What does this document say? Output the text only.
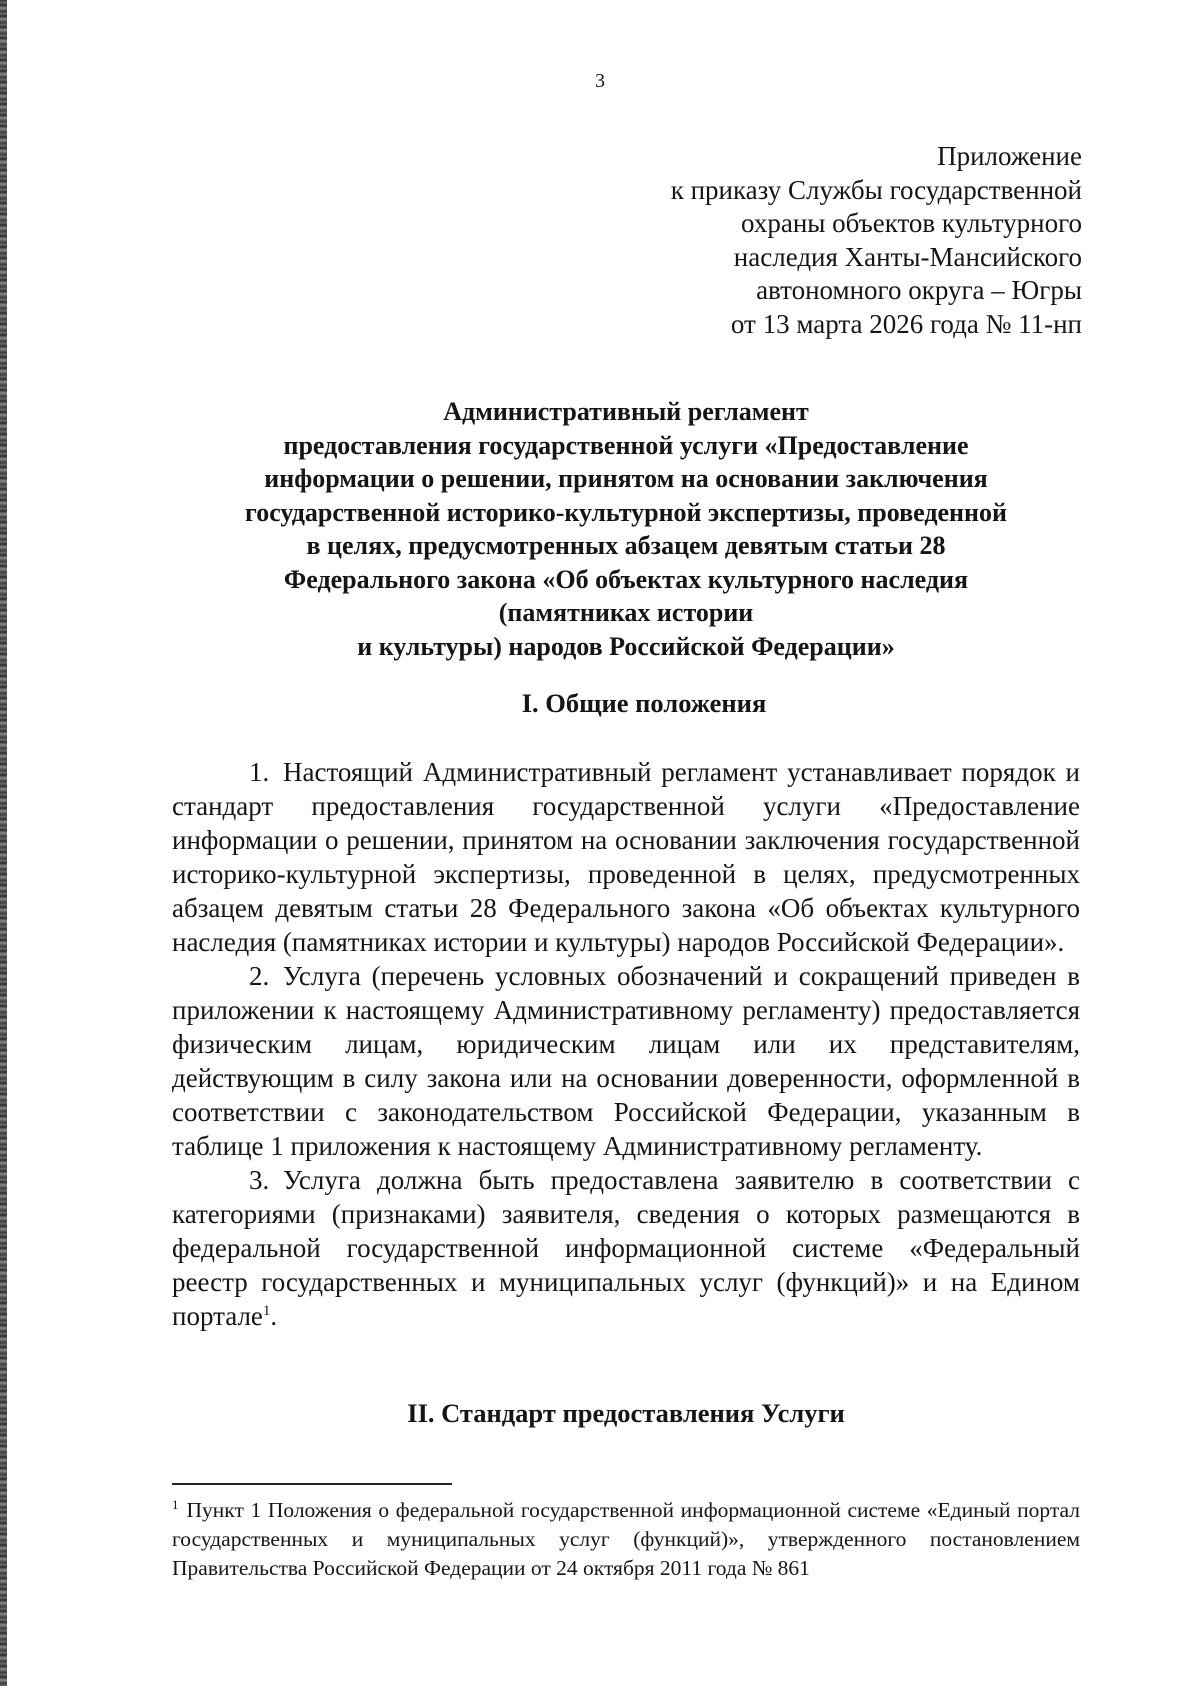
3
Приложение
к приказу Службы государственной
охраны объектов культурного
наследия Ханты-Мансийского
автономного округа – Югры
от 13 марта 2026 года № 11-нп
Административный регламент
предоставления государственной услуги «Предоставление
информации о решении, принятом на основании заключения
государственной историко-культурной экспертизы, проведенной
в целях, предусмотренных абзацем девятым статьи 28
Федерального закона «Об объектах культурного наследия
(памятниках истории
и культуры) народов Российской Федерации»
I. Общие положения

1. Настоящий Административный регламент устанавливает порядок и стандарт предоставления государственной услуги «Предоставление информации о решении, принятом на основании заключения государственной историко-культурной экспертизы, проведенной в целях, предусмотренных абзацем девятым статьи 28 Федерального закона «Об объектах культурного наследия (памятниках истории и культуры) народов Российской Федерации».

2. Услуга (перечень условных обозначений и сокращений приведен в приложении к настоящему Административному регламенту) предоставляется физическим лицам, юридическим лицам или их представителям, действующим в силу закона или на основании доверенности, оформленной в соответствии с законодательством Российской Федерации, указанным в таблице 1 приложения к настоящему Административному регламенту.

3. Услуга должна быть предоставлена заявителю в соответствии с категориями (признаками) заявителя, сведения о которых размещаются в федеральной государственной информационной системе «Федеральный реестр государственных и муниципальных услуг (функций)» и на Едином портале$^1$.

II. Стандарт предоставления Услуги
$^1$ Пункт 1 Положения о федеральной государственной информационной системе «Единый портал государственных и муниципальных услуг (функций)», утвержденного постановлением Правительства Российской Федерации от 24 октября 2011 года № 861
